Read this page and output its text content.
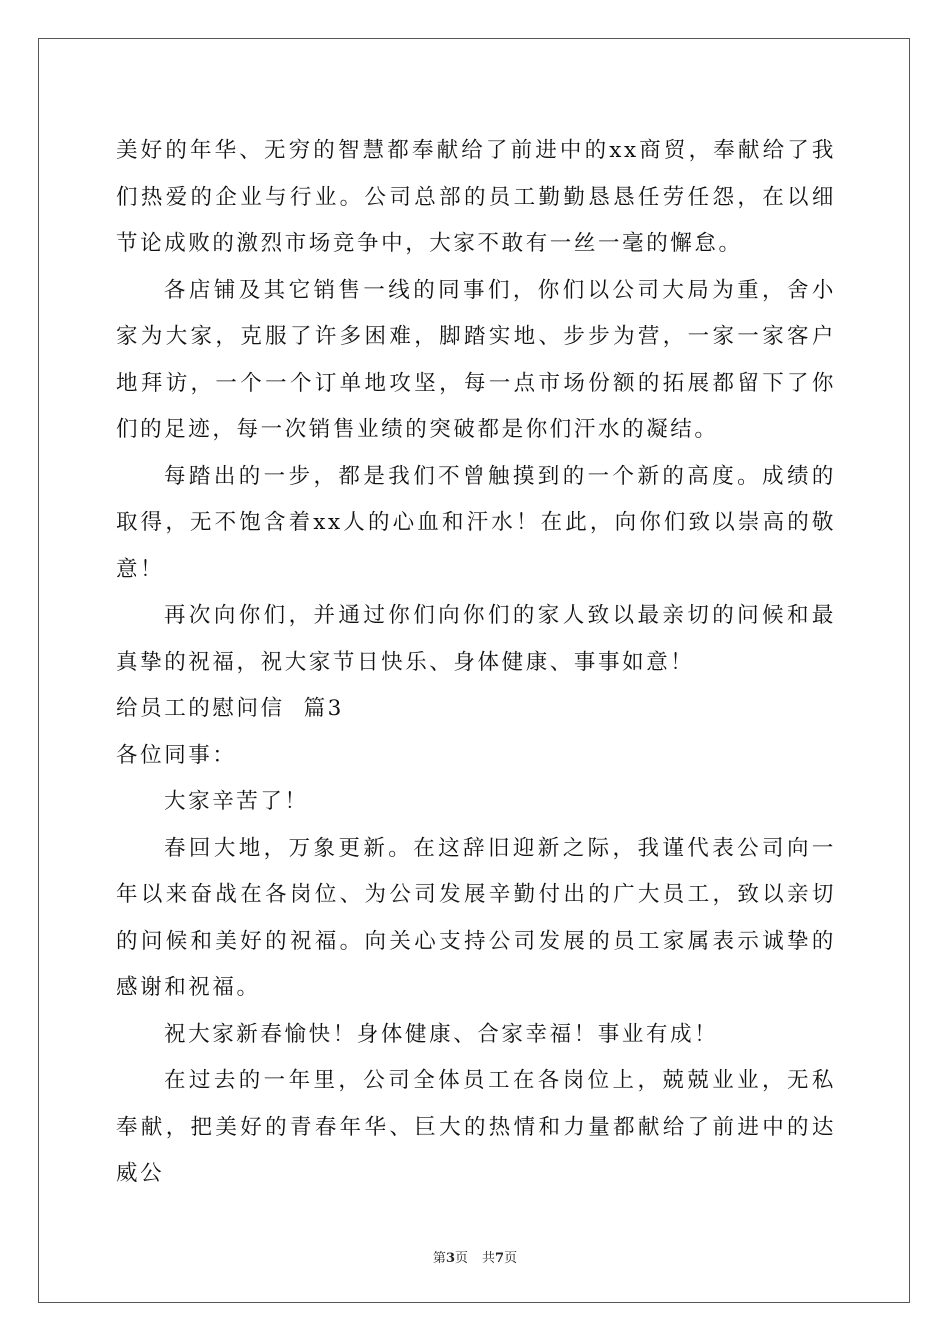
美好的年华、无穷的智慧都奉献给了前进中的xx商贸，奉献给了我们热爱的企业与行业。公司总部的员工勤勤恳恳任劳任怨，在以细节论成败的激烈市场竞争中，大家不敢有一丝一毫的懈怠。

各店铺及其它销售一线的同事们，你们以公司大局为重，舍小家为大家，克服了许多困难，脚踏实地、步步为营，一家一家客户地拜访，一个一个订单地攻坚，每一点市场份额的拓展都留下了你们的足迹，每一次销售业绩的突破都是你们汗水的凝结。

每踏出的一步，都是我们不曾触摸到的一个新的高度。成绩的取得，无不饱含着xx人的心血和汗水！在此，向你们致以崇高的敬意！

再次向你们，并通过你们向你们的家人致以最亲切的问候和最真挚的祝福，祝大家节日快乐、身体健康、事事如意！

给员工的慰问信  篇3

各位同事：

大家辛苦了！

春回大地，万象更新。在这辞旧迎新之际，我谨代表公司向一年以来奋战在各岗位、为公司发展辛勤付出的广大员工，致以亲切的问候和美好的祝福。向关心支持公司发展的员工家属表示诚挚的感谢和祝福。

祝大家新春愉快！身体健康、合家幸福！事业有成！

在过去的一年里，公司全体员工在各岗位上，兢兢业业，无私奉献，把美好的青春年华、巨大的热情和力量都献给了前进中的达威公

第3页 共7页
